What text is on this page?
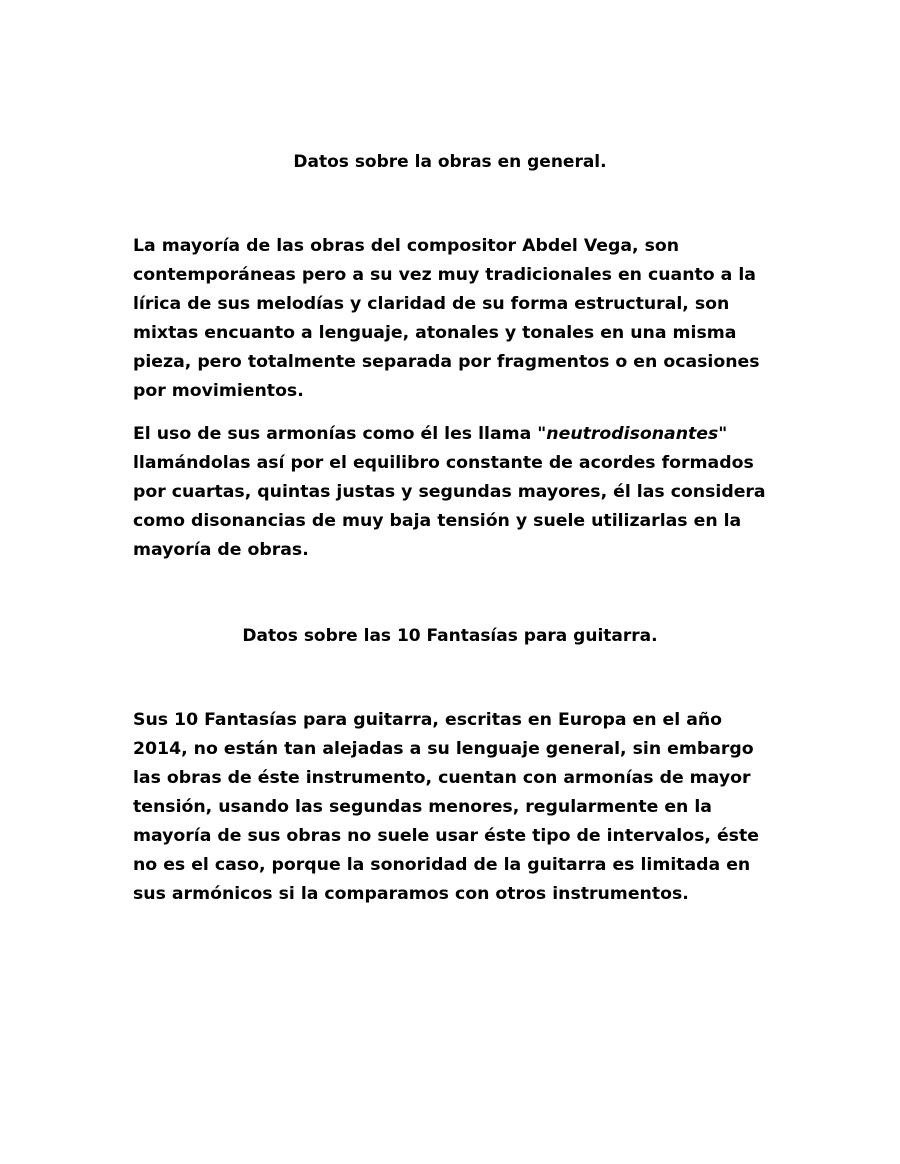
Datos sobre la obras en general.

La mayoría de las obras del compositor Abdel Vega, son contemporáneas pero a su vez muy tradicionales en cuanto a la lírica de sus melodías y claridad de su forma estructural, son mixtas encuanto a lenguaje, atonales y tonales en una misma pieza, pero totalmente separada por fragmentos o en ocasiones por movimientos.

El uso de sus armonías como él les llama "neutrodisonantes" llamándolas así por el equilibro constante de acordes formados por cuartas, quintas justas y segundas mayores, él las considera como disonancias de muy baja tensión y suele utilizarlas en la mayoría de obras.

Datos sobre las 10 Fantasías para guitarra.

Sus 10 Fantasías para guitarra, escritas en Europa en el año 2014, no están tan alejadas a su lenguaje general, sin embargo las obras de éste instrumento, cuentan con armonías de mayor tensión, usando las segundas menores, regularmente en la mayoría de sus obras no suele usar éste tipo de intervalos, éste no es el caso, porque la sonoridad de la guitarra es limitada en sus armónicos si la comparamos con otros instrumentos.
